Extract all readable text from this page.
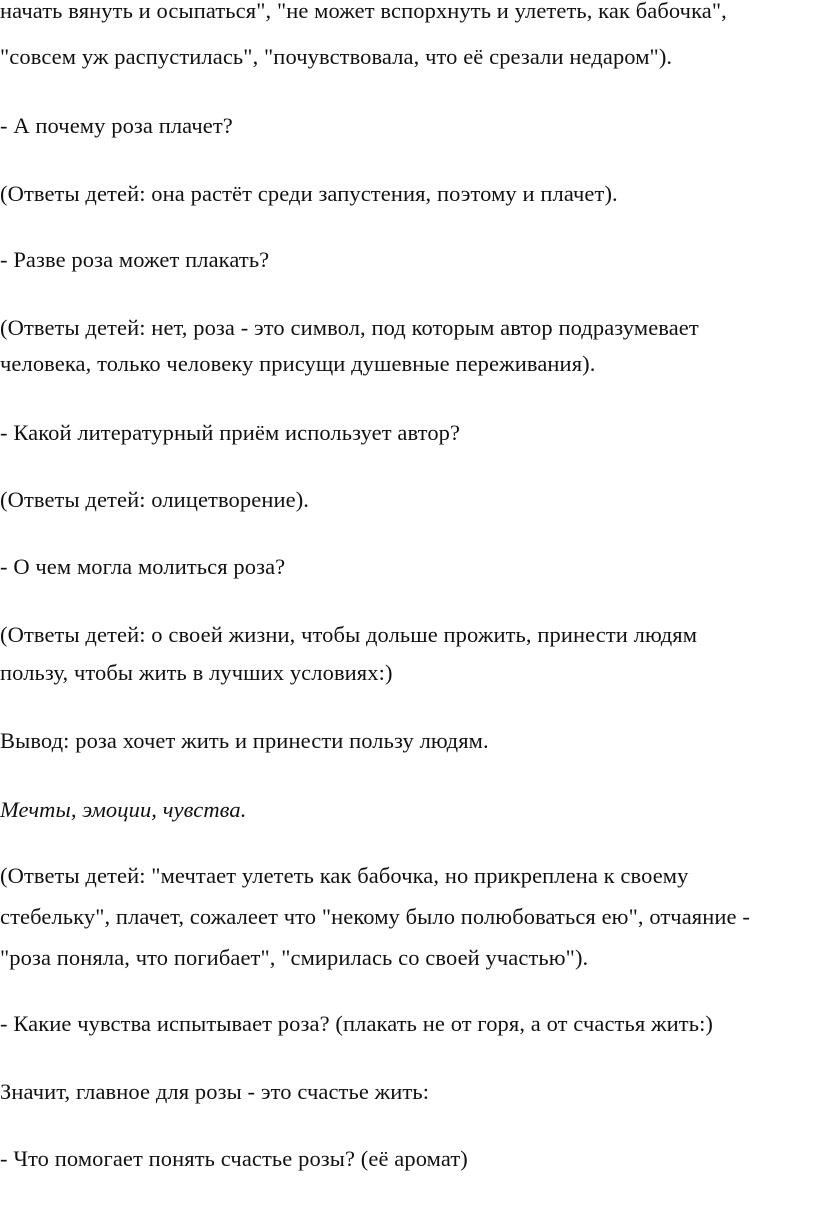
начать вянуть и осыпаться", "не может вспорхнуть и улететь, как бабочка",
"совсем уж распустилась", "почувствовала, что её срезали недаром").
- А почему роза плачет?
(Ответы детей: она растёт среди запустения, поэтому и плачет).
- Разве роза может плакать?
(Ответы детей: нет, роза - это символ, под которым автор подразумевает
человека, только человеку присущи душевные переживания).
- Какой литературный приём использует автор?
(Ответы детей: олицетворение).
- О чем могла молиться роза?
(Ответы детей: о своей жизни, чтобы дольше прожить, принести людям
пользу, чтобы жить в лучших условиях:)
Вывод: роза хочет жить и принести пользу людям.
Мечты, эмоции, чувства.
(Ответы детей: "мечтает улететь как бабочка, но прикреплена к своему
стебельку", плачет, сожалеет что "некому было полюбоваться ею", отчаяние -
"роза поняла, что погибает", "смирилась со своей участью").
- Какие чувства испытывает роза? (плакать не от горя, а от счастья жить:)
Значит, главное для розы - это счастье жить:
- Что помогает понять счастье розы? (её аромат)
